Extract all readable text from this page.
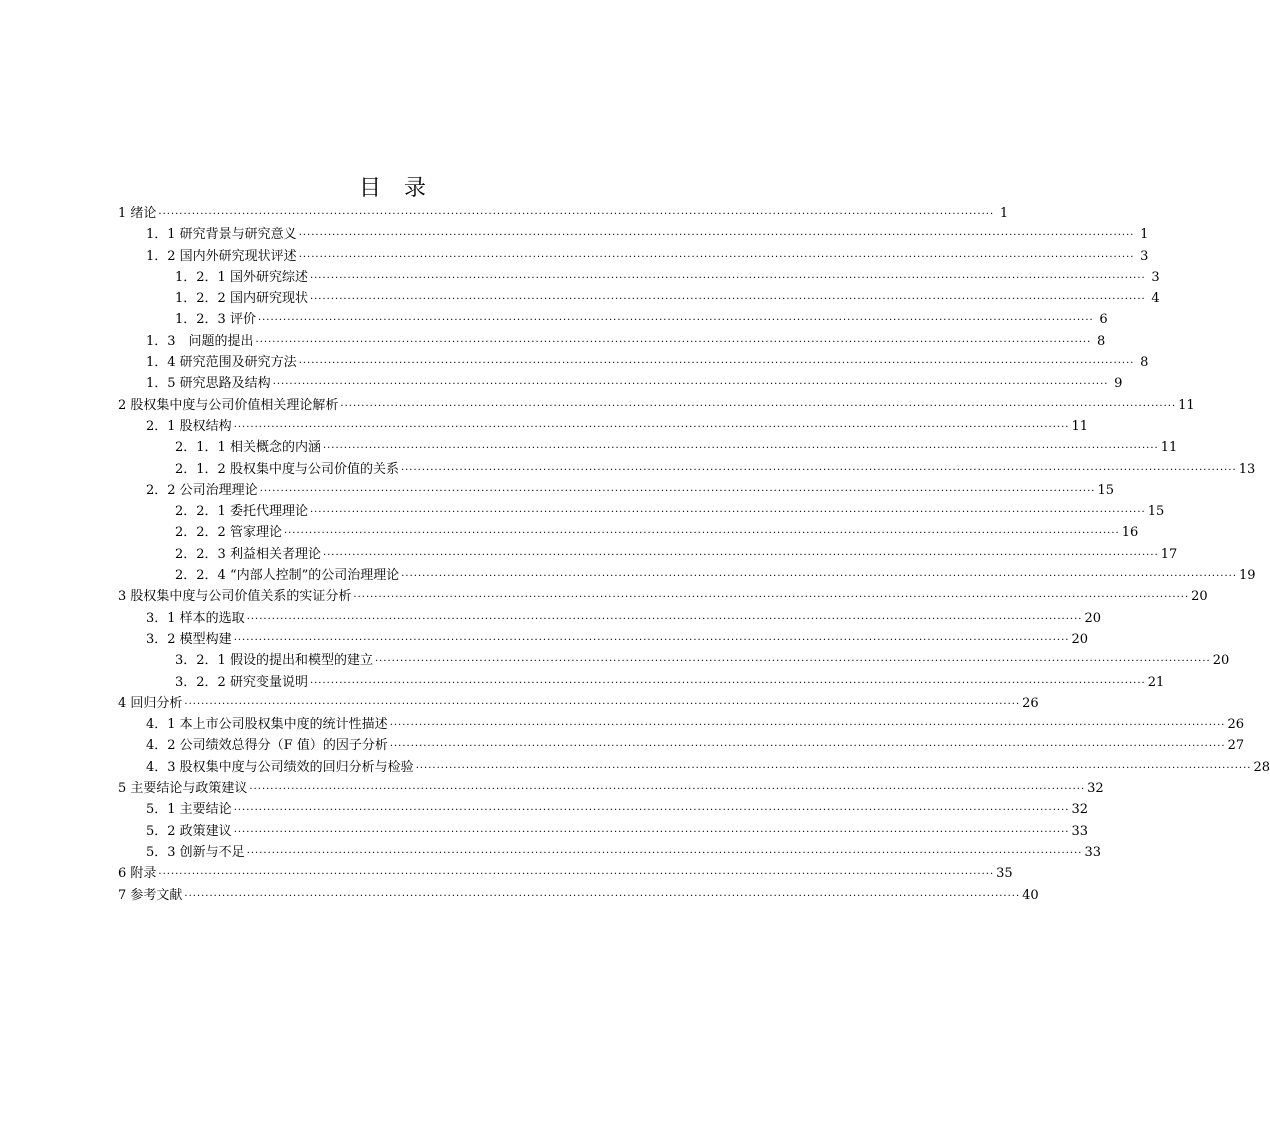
目 录
1 绪论 ········································································································································································································ 1
1．1 研究背景与研究意义 ········································································································································································································ 1
1．2 国内外研究现状评述 ········································································································································································································ 3
1．2．1 国外研究综述 ········································································································································································································ 3
1．2．2 国内研究现状 ········································································································································································································ 4
1．2．3 评价 ········································································································································································································ 6
1．3　问题的提出 ········································································································································································································ 8
1．4 研究范围及研究方法 ········································································································································································································ 8
1．5 研究思路及结构 ········································································································································································································ 9
2 股权集中度与公司价值相关理论解析 ········································································································································································································ 11
2．1 股权结构 ········································································································································································································ 11
2．1．1 相关概念的内涵 ········································································································································································································ 11
2．1．2 股权集中度与公司价值的关系 ········································································································································································································ 13
2．2 公司治理理论 ········································································································································································································ 15
2．2．1 委托代理理论 ········································································································································································································ 15
2．2．2 管家理论 ········································································································································································································ 16
2．2．3 利益相关者理论 ········································································································································································································ 17
2．2．4 “内部人控制”的公司治理理论 ········································································································································································································ 19
3 股权集中度与公司价值关系的实证分析 ········································································································································································································ 20
3．1 样本的选取 ········································································································································································································ 20
3．2 模型构建 ········································································································································································································ 20
3．2．1 假设的提出和模型的建立 ········································································································································································································ 20
3．2．2 研究变量说明 ········································································································································································································ 21
4 回归分析 ········································································································································································································ 26
4．1 本上市公司股权集中度的统计性描述 ········································································································································································································ 26
4．2 公司绩效总得分（F 值）的因子分析 ········································································································································································································ 27
4．3 股权集中度与公司绩效的回归分析与检验 ········································································································································································································ 28
5 主要结论与政策建议 ········································································································································································································ 32
5．1 主要结论 ········································································································································································································ 32
5．2 政策建议 ········································································································································································································ 33
5．3 创新与不足 ········································································································································································································ 33
6 附录 ········································································································································································································ 35
7 参考文献 ········································································································································································································ 40
